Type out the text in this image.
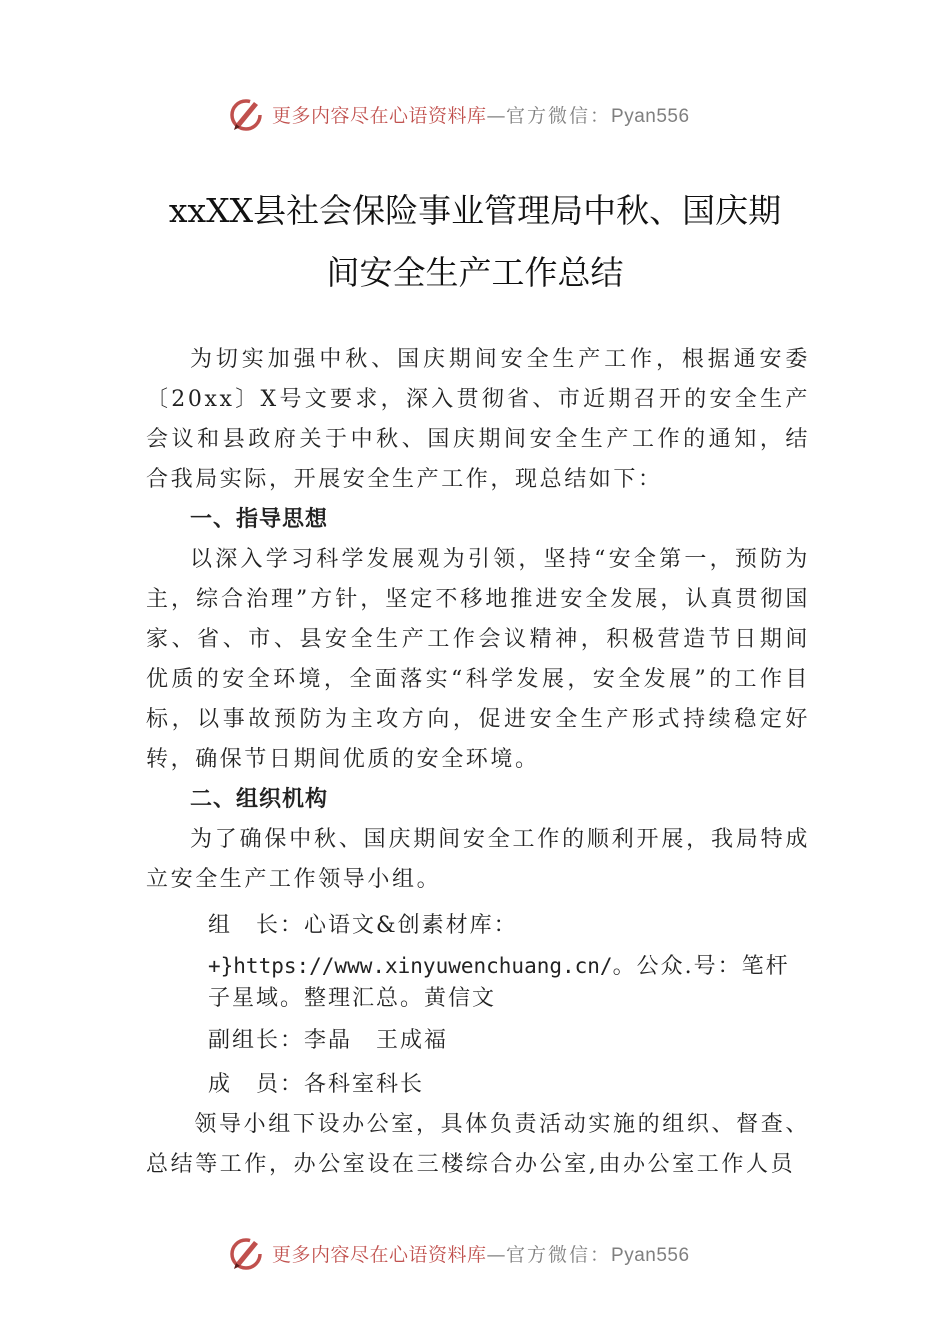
更多内容尽在心语资料库—官方微信：Pyan556
xxXX县社会保险事业管理局中秋、国庆期
间安全生产工作总结

为切实加强中秋、国庆期间安全生产工作，根据通安委〔20xx〕X号文要求，深入贯彻省、市近期召开的安全生产会议和县政府关于中秋、国庆期间安全生产工作的通知，结合我局实际，开展安全生产工作，现总结如下：

一、指导思想

以深入学习科学发展观为引领，坚持“安全第一，预防为主，综合治理”方针，坚定不移地推进安全发展，认真贯彻国家、省、市、县安全生产工作会议精神，积极营造节日期间优质的安全环境，全面落实“科学发展，安全发展”的工作目标，以事故预防为主攻方向，促进安全生产形式持续稳定好转，确保节日期间优质的安全环境。

二、组织机构

为了确保中秋、国庆期间安全工作的顺利开展，我局特成立安全生产工作领导小组。

组　长：心语文&创素材库：

+}https://www.xinyuwenchuang.cn/。公众.号：笔杆

子星域。整理汇总。黄信文

副组长：李晶　王成福

成　员：各科室科长

领导小组下设办公室，具体负责活动实施的组织、督查、总结等工作，办公室设在三楼综合办公室,由办公室工作人员

更多内容尽在心语资料库—官方微信：Pyan556
